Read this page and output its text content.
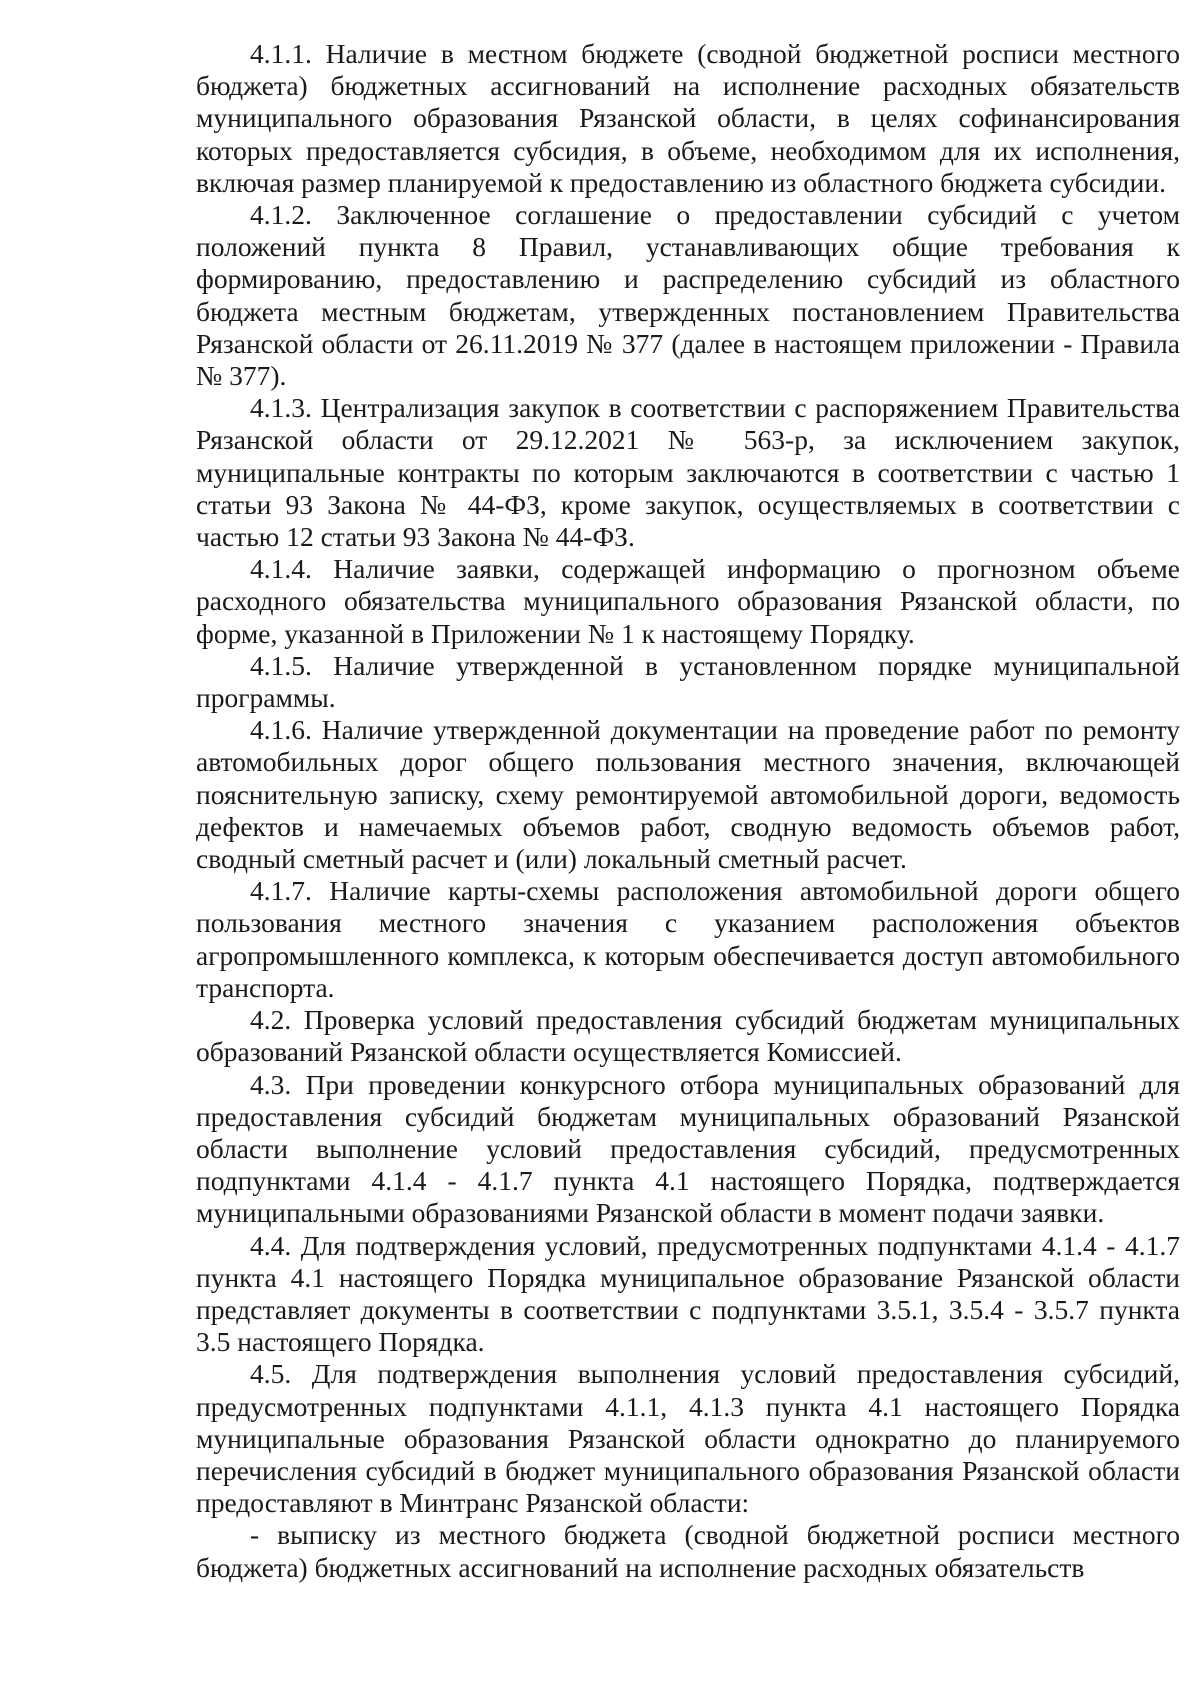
4.1.1. Наличие в местном бюджете (сводной бюджетной росписи местного бюджета) бюджетных ассигнований на исполнение расходных обязательств муниципального образования Рязанской области, в целях софинансирования которых предоставляется субсидия, в объеме, необходимом для их исполнения, включая размер планируемой к предоставлению из областного бюджета субсидии.

4.1.2. Заключенное соглашение о предоставлении субсидий с учетом положений пункта 8 Правил, устанавливающих общие требования к формированию, предоставлению и распределению субсидий из областного бюджета местным бюджетам, утвержденных постановлением Правительства Рязанской области от 26.11.2019 № 377 (далее в настоящем приложении - Правила № 377).

4.1.3. Централизация закупок в соответствии с распоряжением Правительства Рязанской области от 29.12.2021 № 563-р, за исключением закупок, муниципальные контракты по которым заключаются в соответствии с частью 1 статьи 93 Закона № 44-ФЗ, кроме закупок, осуществляемых в соответствии с частью 12 статьи 93 Закона № 44-ФЗ.

4.1.4. Наличие заявки, содержащей информацию о прогнозном объеме расходного обязательства муниципального образования Рязанской области, по форме, указанной в Приложении № 1 к настоящему Порядку.

4.1.5. Наличие утвержденной в установленном порядке муниципальной программы.

4.1.6. Наличие утвержденной документации на проведение работ по ремонту автомобильных дорог общего пользования местного значения, включающей пояснительную записку, схему ремонтируемой автомобильной дороги, ведомость дефектов и намечаемых объемов работ, сводную ведомость объемов работ, сводный сметный расчет и (или) локальный сметный расчет.

4.1.7. Наличие карты-схемы расположения автомобильной дороги общего пользования местного значения с указанием расположения объектов агропромышленного комплекса, к которым обеспечивается доступ автомобильного транспорта.

4.2. Проверка условий предоставления субсидий бюджетам муниципальных образований Рязанской области осуществляется Комиссией.

4.3. При проведении конкурсного отбора муниципальных образований для предоставления субсидий бюджетам муниципальных образований Рязанской области выполнение условий предоставления субсидий, предусмотренных подпунктами 4.1.4 - 4.1.7 пункта 4.1 настоящего Порядка, подтверждается муниципальными образованиями Рязанской области в момент подачи заявки.

4.4. Для подтверждения условий, предусмотренных подпунктами 4.1.4 - 4.1.7 пункта 4.1 настоящего Порядка муниципальное образование Рязанской области представляет документы в соответствии с подпунктами 3.5.1, 3.5.4 - 3.5.7 пункта 3.5 настоящего Порядка.

4.5. Для подтверждения выполнения условий предоставления субсидий, предусмотренных подпунктами 4.1.1, 4.1.3 пункта 4.1 настоящего Порядка муниципальные образования Рязанской области однократно до планируемого перечисления субсидий в бюджет муниципального образования Рязанской области предоставляют в Минтранс Рязанской области:

- выписку из местного бюджета (сводной бюджетной росписи местного бюджета) бюджетных ассигнований на исполнение расходных обязательств
